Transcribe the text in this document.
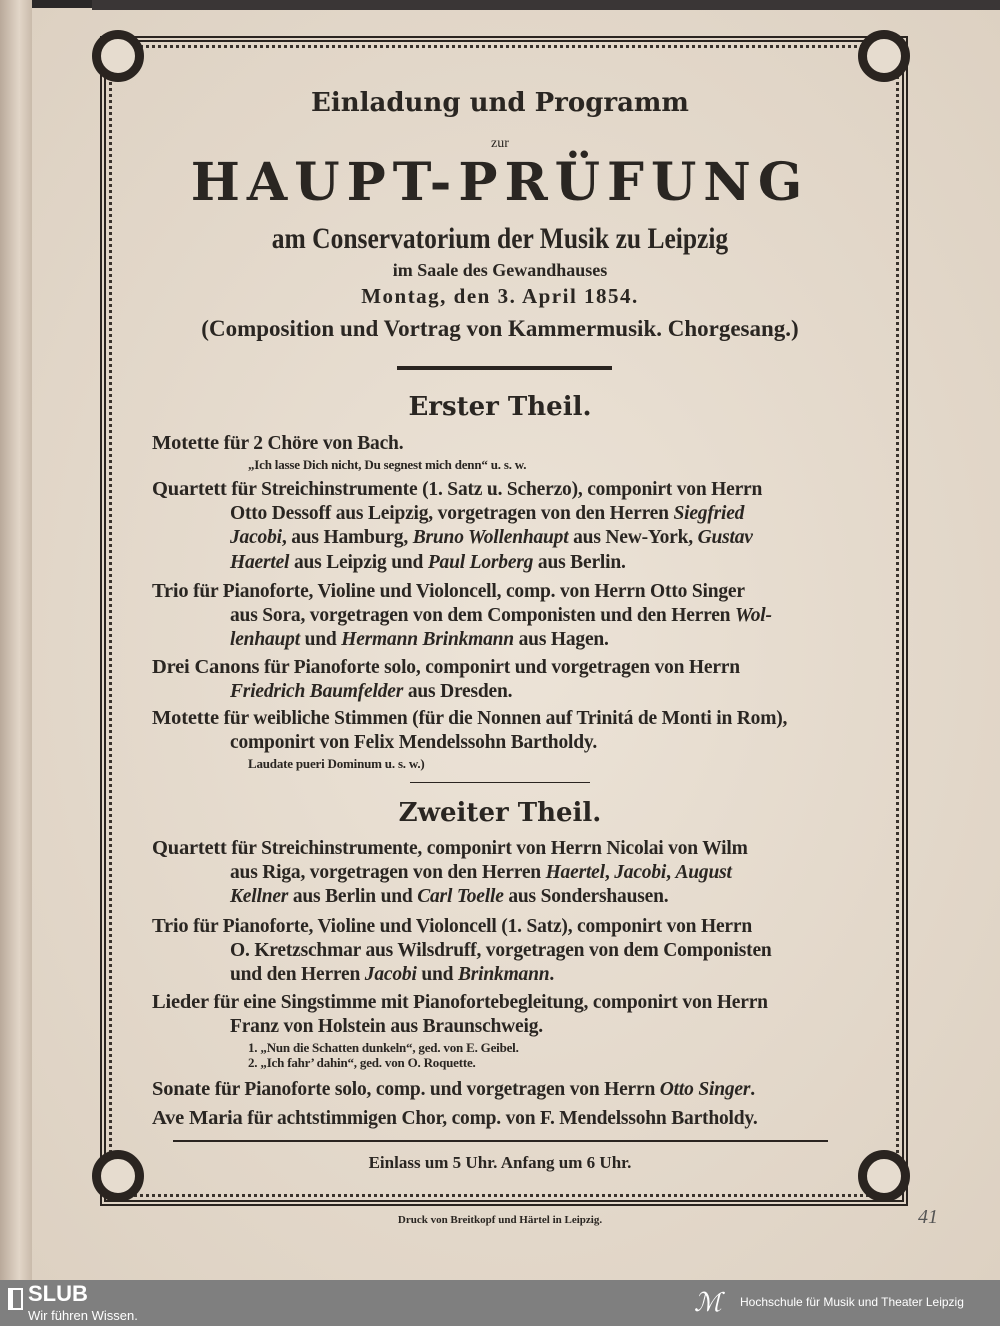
Einladung und Programm
zur
HAUPT-PRÜFUNG
am Conservatorium der Musik zu Leipzig
im Saale des Gewandhauses
Montag, den 3. April 1854.
(Composition und Vortrag von Kammermusik. Chorgesang.)
Erster Theil.
Motette für 2 Chöre von Bach.
„Ich lasse Dich nicht, Du segnest mich denn“ u. s. w.
Quartett für Streichinstrumente (1. Satz u. Scherzo), componirt von Herrn
Otto Dessoff aus Leipzig, vorgetragen von den Herren Siegfried
Jacobi, aus Hamburg, Bruno Wollenhaupt aus New-York, Gustav
Haertel aus Leipzig und Paul Lorberg aus Berlin.
Trio für Pianoforte, Violine und Violoncell, comp. von Herrn Otto Singer
aus Sora, vorgetragen von dem Componisten und den Herren Wol-
lenhaupt und Hermann Brinkmann aus Hagen.
Drei Canons für Pianoforte solo, componirt und vorgetragen von Herrn
Friedrich Baumfelder aus Dresden.
Motette für weibliche Stimmen (für die Nonnen auf Trinitá de Monti in Rom),
componirt von Felix Mendelssohn Bartholdy.
Laudate pueri Dominum u. s. w.)
Zweiter Theil.
Quartett für Streichinstrumente, componirt von Herrn Nicolai von Wilm
aus Riga, vorgetragen von den Herren Haertel, Jacobi, August
Kellner aus Berlin und Carl Toelle aus Sondershausen.
Trio für Pianoforte, Violine und Violoncell (1. Satz), componirt von Herrn
O. Kretzschmar aus Wilsdruff, vorgetragen von dem Componisten
und den Herren Jacobi und Brinkmann.
Lieder für eine Singstimme mit Pianofortebegleitung, componirt von Herrn
Franz von Holstein aus Braunschweig.
1. „Nun die Schatten dunkeln“, ged. von E. Geibel.
2. „Ich fahr’ dahin“, ged. von O. Roquette.
Sonate für Pianoforte solo, comp. und vorgetragen von Herrn Otto Singer.
Ave Maria für achtstimmigen Chor, comp. von F. Mendelssohn Bartholdy.
Einlass um 5 Uhr. Anfang um 6 Uhr.
Druck von Breitkopf und Härtel in Leipzig.	41
SLUB
Wir führen Wissen.	ℳ Hochschule für Musik und Theater Leipzig
